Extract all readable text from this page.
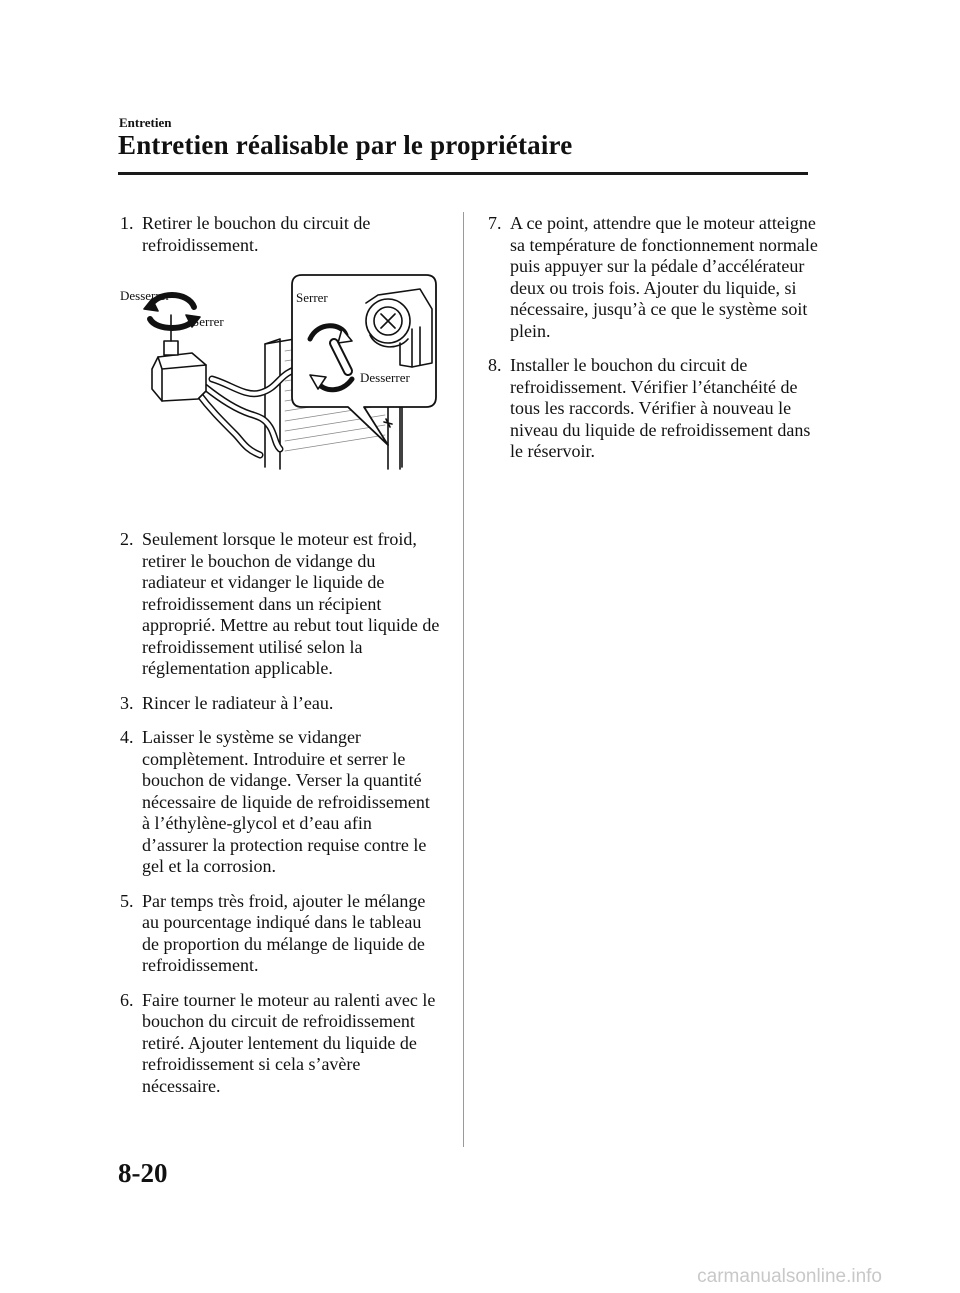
Entretien
Entretien réalisable par le propriétaire
1. Retirer le bouchon du circuit de refroidissement.
Desserrer
Serrer
Serrer
Desserrer
2. Seulement lorsque le moteur est froid, retirer le bouchon de vidange du radiateur et vidanger le liquide de refroidissement dans un récipient approprié. Mettre au rebut tout liquide de refroidissement utilisé selon la réglementation applicable.
3. Rincer le radiateur à l’eau.
4. Laisser le système se vidanger complètement. Introduire et serrer le bouchon de vidange. Verser la quantité nécessaire de liquide de refroidissement à l’éthylène-glycol et d’eau afin d’assurer la protection requise contre le gel et la corrosion.
5. Par temps très froid, ajouter le mélange au pourcentage indiqué dans le tableau de proportion du mélange de liquide de refroidissement.
6. Faire tourner le moteur au ralenti avec le bouchon du circuit de refroidissement retiré. Ajouter lentement du liquide de refroidissement si cela s’avère nécessaire.
7. A ce point, attendre que le moteur atteigne sa température de fonctionnement normale puis appuyer sur la pédale d’accélérateur deux ou trois fois. Ajouter du liquide, si nécessaire, jusqu’à ce que le système soit plein.
8. Installer le bouchon du circuit de refroidissement. Vérifier l’étanchéité de tous les raccords. Vérifier à nouveau le niveau du liquide de refroidissement dans le réservoir.
8-20
carmanualsonline.info
